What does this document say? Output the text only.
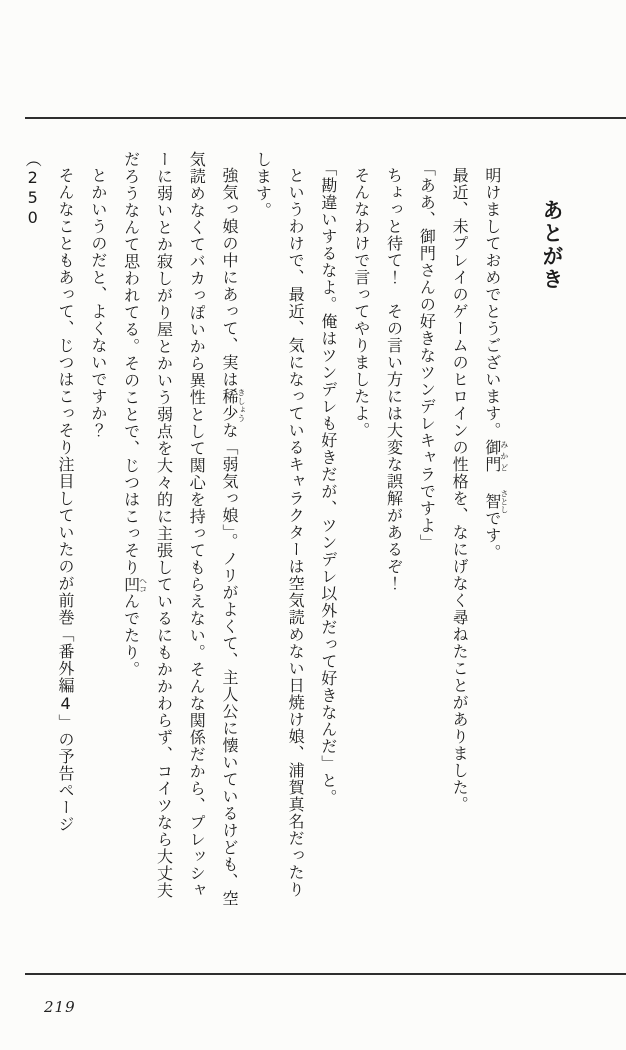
あとがき

明けましておめでとうございます。御門みかど 智さとしです。

最近、未プレイのゲームのヒロインの性格を、なにげなく尋ねたことがありました。

「ああ、御門さんの好きなツンデレキャラですよ」

ちょっと待て！　その言い方には大変な誤解があるぞ！

そんなわけで言ってやりましたよ。

「勘違いするなよ。俺はツンデレも好きだが、ツンデレ以外だって好きなんだ」と。

というわけで、最近、気になっているキャラクターは空気読めない日焼け娘、浦賀真名だったりします。

強気っ娘の中にあって、実は稀少きしょうな「弱気っ娘」。ノリがよくて、主人公に懐いているけども、空気読めなくてバカっぽいから異性として関心を持ってもらえない。そんな関係だから、プレッシャーに弱いとか寂しがり屋とかいう弱点を大々的に主張しているにもかかわらず、コイツなら大丈夫だろうなんて思われてる。そのことで、じつはこっそり凹ヘコんでたり。

とかいうのだと、よくないですか？

そんなこともあって、じつはこっそり注目していたのが前巻「番外編4」の予告ページ（250

219
